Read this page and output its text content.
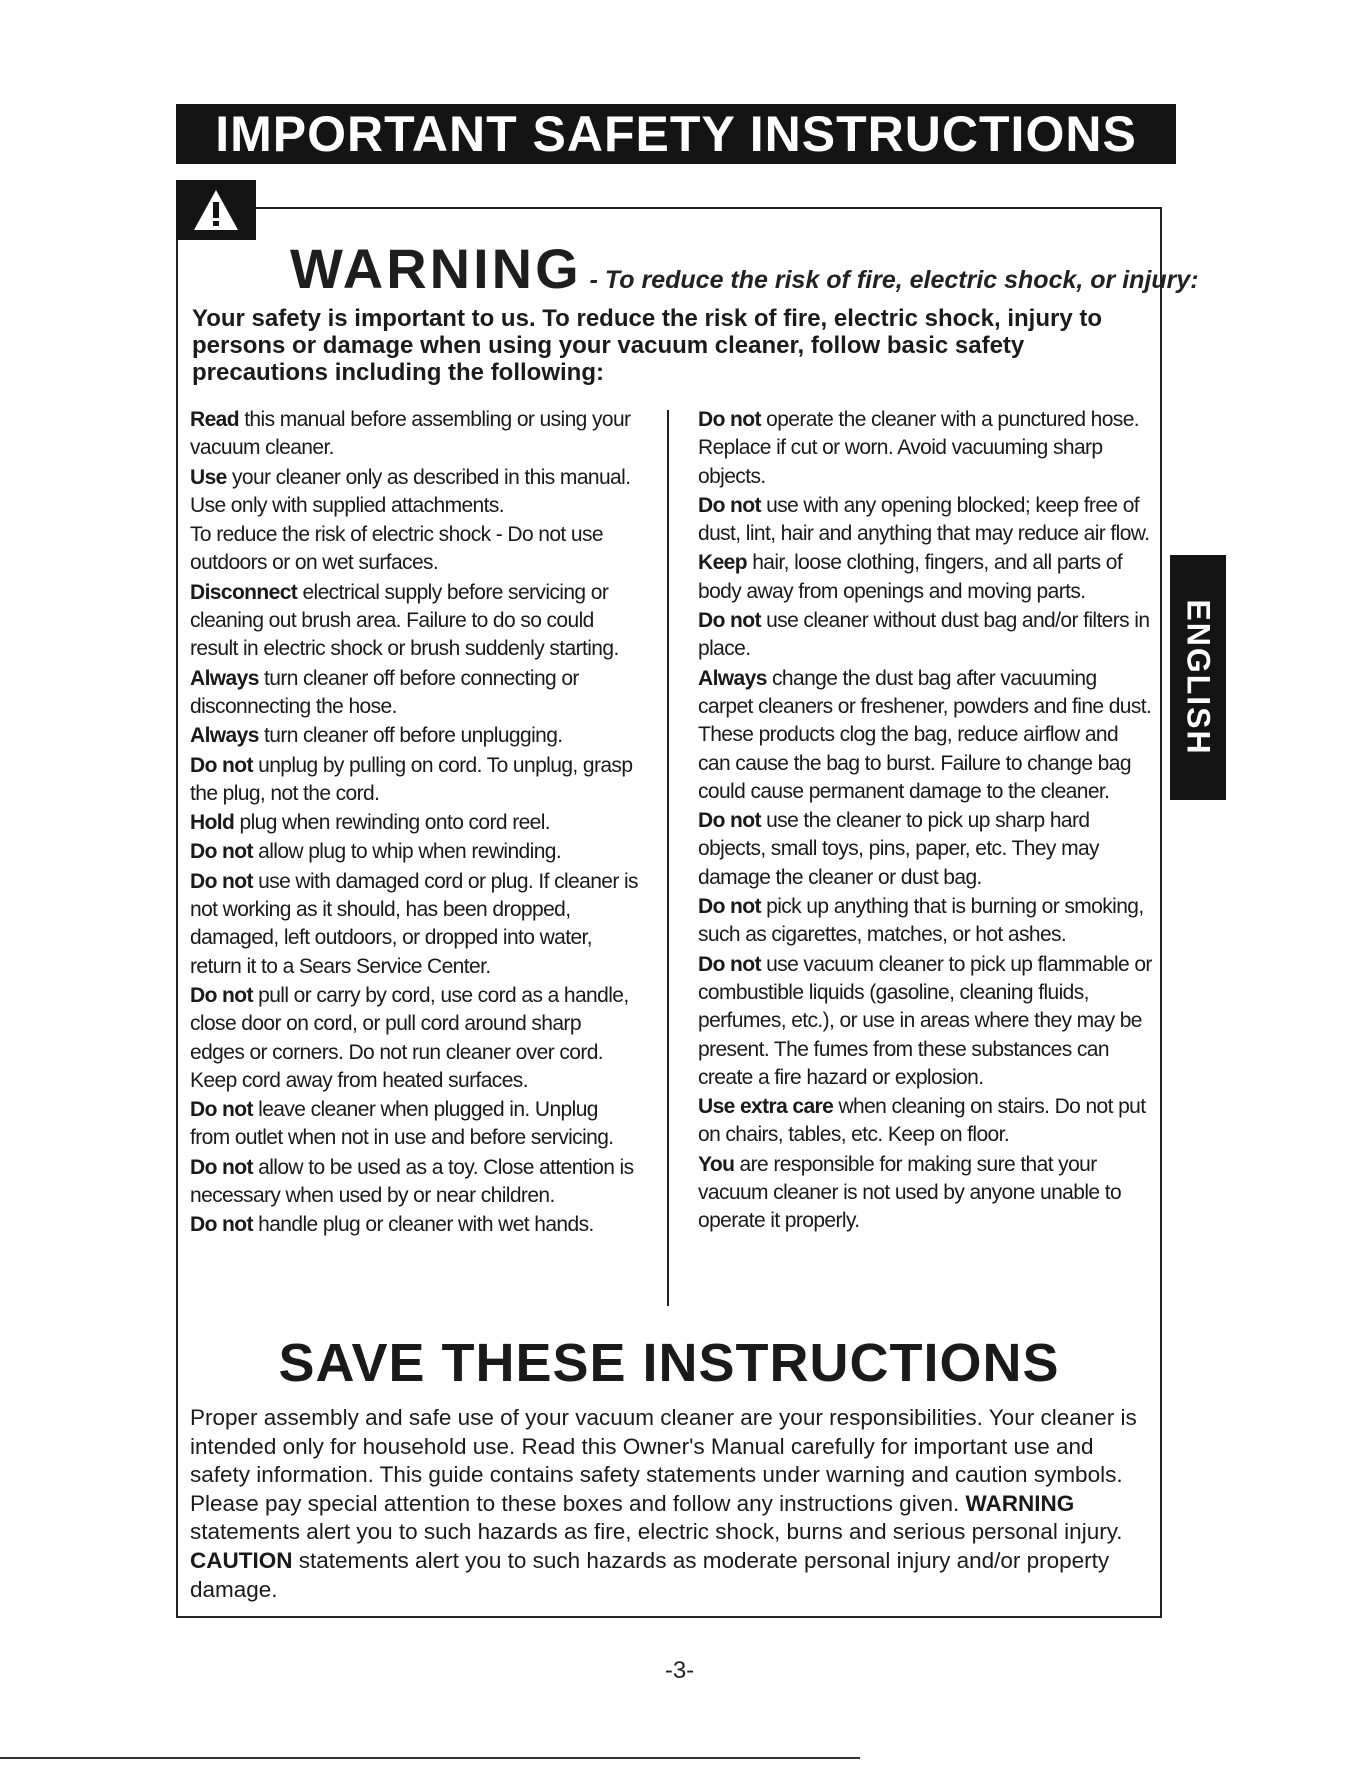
IMPORTANT SAFETY INSTRUCTIONS
WARNING - To reduce the risk of fire, electric shock, or injury:
Your safety is important to us. To reduce the risk of fire, electric shock, injury to persons or damage when using your vacuum cleaner, follow basic safety precautions including the following:

Read this manual before assembling or using your vacuum cleaner.

Use your cleaner only as described in this manual. Use only with supplied attachments.

To reduce the risk of electric shock - Do not use outdoors or on wet surfaces.

Disconnect electrical supply before servicing or cleaning out brush area. Failure to do so could result in electric shock or brush suddenly starting.

Always turn cleaner off before connecting or disconnecting the hose.

Always turn cleaner off before unplugging.

Do not unplug by pulling on cord. To unplug, grasp the plug, not the cord.

Hold plug when rewinding onto cord reel.

Do not allow plug to whip when rewinding.

Do not use with damaged cord or plug. If cleaner is not working as it should, has been dropped, damaged, left outdoors, or dropped into water, return it to a Sears Service Center.

Do not pull or carry by cord, use cord as a handle, close door on cord, or pull cord around sharp edges or corners. Do not run cleaner over cord. Keep cord away from heated surfaces.

Do not leave cleaner when plugged in. Unplug from outlet when not in use and before servicing.

Do not allow to be used as a toy. Close attention is necessary when used by or near children.

Do not handle plug or cleaner with wet hands.

Do not operate the cleaner with a punctured hose. Replace if cut or worn. Avoid vacuuming sharp objects.

Do not use with any opening blocked; keep free of dust, lint, hair and anything that may reduce air flow.

Keep hair, loose clothing, fingers, and all parts of body away from openings and moving parts.

Do not use cleaner without dust bag and/or filters in place.

Always change the dust bag after vacuuming carpet cleaners or freshener, powders and fine dust. These products clog the bag, reduce airflow and can cause the bag to burst. Failure to change bag could cause permanent damage to the cleaner.

Do not use the cleaner to pick up sharp hard objects, small toys, pins, paper, etc. They may damage the cleaner or dust bag.

Do not pick up anything that is burning or smoking, such as cigarettes, matches, or hot ashes.

Do not use vacuum cleaner to pick up flammable or combustible liquids (gasoline, cleaning fluids, perfumes, etc.), or use in areas where they may be present. The fumes from these substances can create a fire hazard or explosion.

Use extra care when cleaning on stairs. Do not put on chairs, tables, etc. Keep on floor.

You are responsible for making sure that your vacuum cleaner is not used by anyone unable to operate it properly.

ENGLISH
SAVE THESE INSTRUCTIONS
Proper assembly and safe use of your vacuum cleaner are your responsibilities. Your cleaner is intended only for household use. Read this Owner's Manual carefully for important use and safety information. This guide contains safety statements under warning and caution symbols. Please pay special attention to these boxes and follow any instructions given. WARNING statements alert you to such hazards as fire, electric shock, burns and serious personal injury. CAUTION statements alert you to such hazards as moderate personal injury and/or property damage.
-3-
